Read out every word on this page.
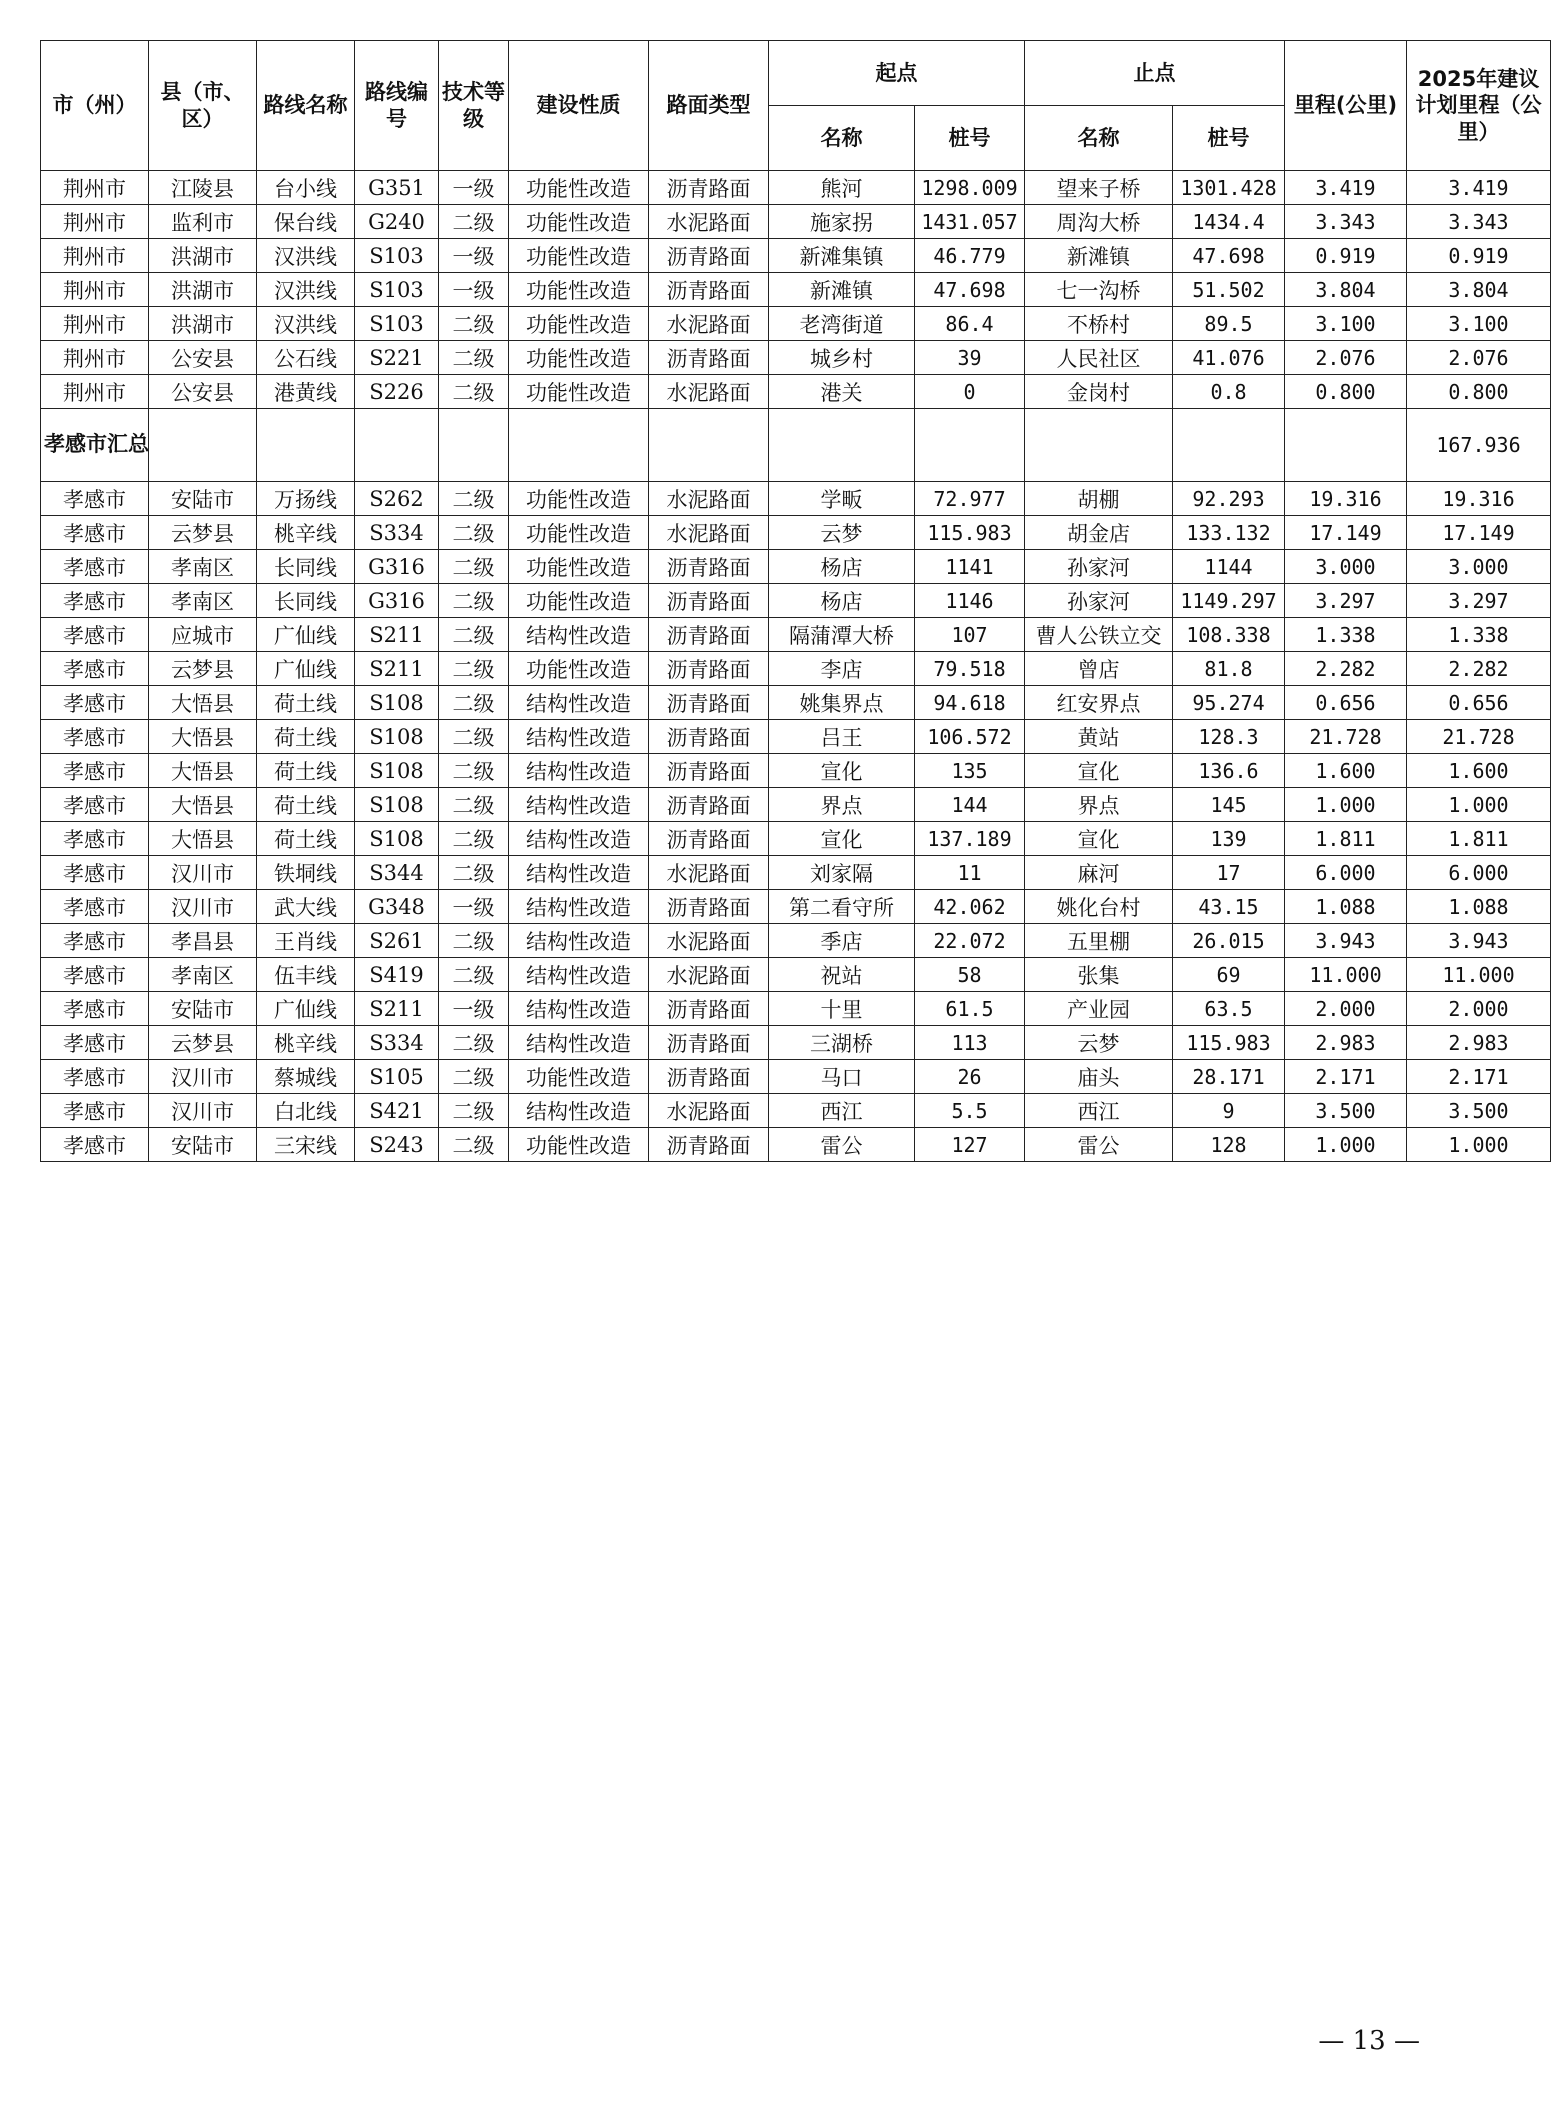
市（州）	县（市、区）	路线名称	路线编号	技术等级	建设性质	路面类型	起点		止点		里程(公里)	2025年建议计划里程（公里）
							名称	桩号	名称	桩号		
荆州市	江陵县	台小线	G351	一级	功能性改造	沥青路面	熊河	1298.009	望来子桥	1301.428	3.419	3.419
荆州市	监利市	保台线	G240	二级	功能性改造	水泥路面	施家拐	1431.057	周沟大桥	1434.4	3.343	3.343
荆州市	洪湖市	汉洪线	S103	一级	功能性改造	沥青路面	新滩集镇	46.779	新滩镇	47.698	0.919	0.919
荆州市	洪湖市	汉洪线	S103	一级	功能性改造	沥青路面	新滩镇	47.698	七一沟桥	51.502	3.804	3.804
荆州市	洪湖市	汉洪线	S103	二级	功能性改造	水泥路面	老湾街道	86.4	不桥村	89.5	3.100	3.100
荆州市	公安县	公石线	S221	二级	功能性改造	沥青路面	城乡村	39	人民社区	41.076	2.076	2.076
荆州市	公安县	港黄线	S226	二级	功能性改造	水泥路面	港关	0	金岗村	0.8	0.800	0.800
孝感市汇总												167.936
孝感市	安陆市	万扬线	S262	二级	功能性改造	水泥路面	学畈	72.977	胡棚	92.293	19.316	19.316
孝感市	云梦县	桃辛线	S334	二级	功能性改造	水泥路面	云梦	115.983	胡金店	133.132	17.149	17.149
孝感市	孝南区	长同线	G316	二级	功能性改造	沥青路面	杨店	1141	孙家河	1144	3.000	3.000
孝感市	孝南区	长同线	G316	二级	功能性改造	沥青路面	杨店	1146	孙家河	1149.297	3.297	3.297
孝感市	应城市	广仙线	S211	二级	结构性改造	沥青路面	隔蒲潭大桥	107	曹人公铁立交	108.338	1.338	1.338
孝感市	云梦县	广仙线	S211	二级	功能性改造	沥青路面	李店	79.518	曾店	81.8	2.282	2.282
孝感市	大悟县	荷土线	S108	二级	结构性改造	沥青路面	姚集界点	94.618	红安界点	95.274	0.656	0.656
孝感市	大悟县	荷土线	S108	二级	结构性改造	沥青路面	吕王	106.572	黄站	128.3	21.728	21.728
孝感市	大悟县	荷土线	S108	二级	结构性改造	沥青路面	宣化	135	宣化	136.6	1.600	1.600
孝感市	大悟县	荷土线	S108	二级	结构性改造	沥青路面	界点	144	界点	145	1.000	1.000
孝感市	大悟县	荷土线	S108	二级	结构性改造	沥青路面	宣化	137.189	宣化	139	1.811	1.811
孝感市	汉川市	铁垌线	S344	二级	结构性改造	水泥路面	刘家隔	11	麻河	17	6.000	6.000
孝感市	汉川市	武大线	G348	一级	结构性改造	沥青路面	第二看守所	42.062	姚化台村	43.15	1.088	1.088
孝感市	孝昌县	王肖线	S261	二级	结构性改造	水泥路面	季店	22.072	五里棚	26.015	3.943	3.943
孝感市	孝南区	伍丰线	S419	二级	结构性改造	水泥路面	祝站	58	张集	69	11.000	11.000
孝感市	安陆市	广仙线	S211	一级	结构性改造	沥青路面	十里	61.5	产业园	63.5	2.000	2.000
孝感市	云梦县	桃辛线	S334	二级	结构性改造	沥青路面	三湖桥	113	云梦	115.983	2.983	2.983
孝感市	汉川市	蔡城线	S105	二级	功能性改造	沥青路面	马口	26	庙头	28.171	2.171	2.171
孝感市	汉川市	白北线	S421	二级	结构性改造	水泥路面	西江	5.5	西江	9	3.500	3.500
孝感市	安陆市	三宋线	S243	二级	功能性改造	沥青路面	雷公	127	雷公	128	1.000	1.000
— 13 —
